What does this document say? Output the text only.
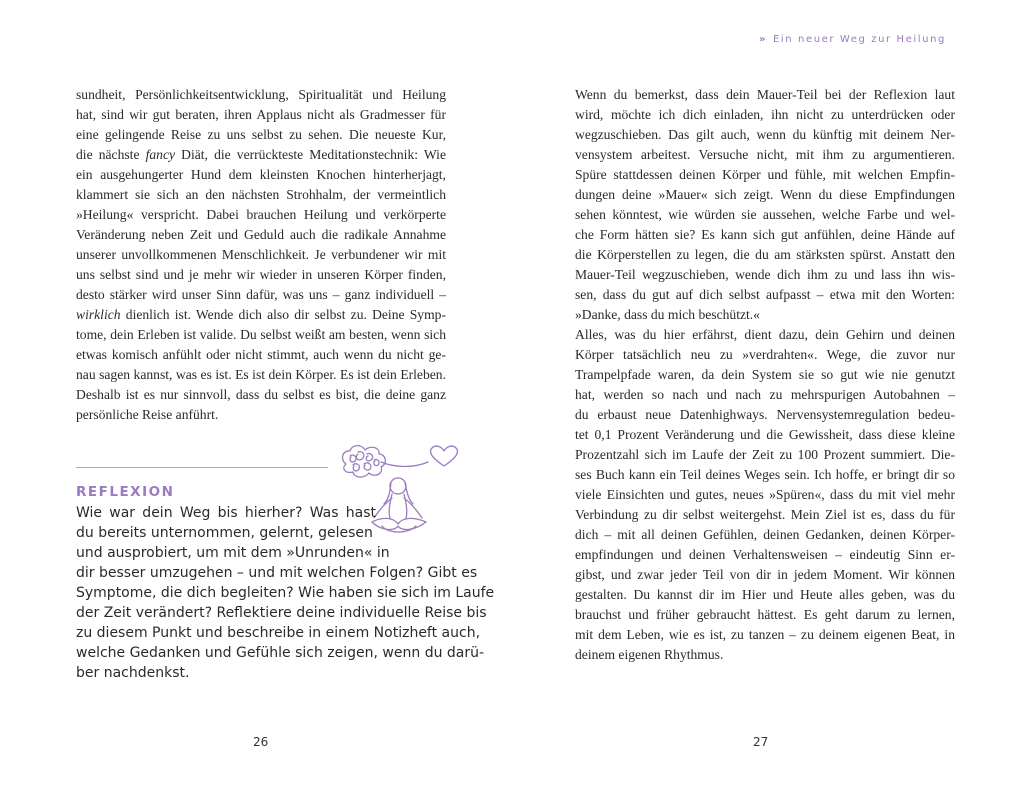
sundheit, Persönlichkeitsentwicklung, Spiritualität und Heilung
hat, sind wir gut beraten, ihren Applaus nicht als Gradmesser für
eine gelingende Reise zu uns selbst zu sehen. Die neueste Kur,
die nächste fancy Diät, die verrückteste Meditationstechnik: Wie
ein ausgehungerter Hund dem kleinsten Knochen hinterherjagt,
klammert sie sich an den nächsten Strohhalm, der vermeintlich
»Heilung« verspricht. Dabei brauchen Heilung und verkörperte
Veränderung neben Zeit und Geduld auch die radikale Annahme
unserer unvollkommenen Menschlichkeit. Je verbundener wir mit
uns selbst sind und je mehr wir wieder in unseren Körper finden,
desto stärker wird unser Sinn dafür, was uns – ganz individuell –
wirklich dienlich ist. Wende dich also dir selbst zu. Deine Symp-
tome, dein Erleben ist valide. Du selbst weißt am besten, wenn sich
etwas komisch anfühlt oder nicht stimmt, auch wenn du nicht ge-
nau sagen kannst, was es ist. Es ist dein Körper. Es ist dein Erleben.
Deshalb ist es nur sinnvoll, dass du selbst es bist, die deine ganz
persönliche Reise anführt.
REFLEXION
Wie war dein Weg bis hierher? Was hast
du bereits unternommen, gelernt, gelesen
und ausprobiert, um mit dem »Unrunden« in
dir besser umzugehen – und mit welchen Folgen? Gibt es
Symptome, die dich begleiten? Wie haben sie sich im Laufe
der Zeit verändert? Reflektiere deine individuelle Reise bis
zu diesem Punkt und beschreibe in einem Notizheft auch,
welche Gedanken und Gefühle sich zeigen, wenn du darü-
ber nachdenkst.
26
» Ein neuer Weg zur Heilung
Wenn du bemerkst, dass dein Mauer-Teil bei der Reflexion laut
wird, möchte ich dich einladen, ihn nicht zu unterdrücken oder
wegzuschieben. Das gilt auch, wenn du künftig mit deinem Ner-
vensystem arbeitest. Versuche nicht, mit ihm zu argumentieren.
Spüre stattdessen deinen Körper und fühle, mit welchen Empfin-
dungen deine »Mauer« sich zeigt. Wenn du diese Empfindungen
sehen könntest, wie würden sie aussehen, welche Farbe und wel-
che Form hätten sie? Es kann sich gut anfühlen, deine Hände auf
die Körperstellen zu legen, die du am stärksten spürst. Anstatt den
Mauer-Teil wegzuschieben, wende dich ihm zu und lass ihn wis-
sen, dass du gut auf dich selbst aufpasst – etwa mit den Worten:
»Danke, dass du mich beschützt.«
Alles, was du hier erfährst, dient dazu, dein Gehirn und deinen
Körper tatsächlich neu zu »verdrahten«. Wege, die zuvor nur
Trampelpfade waren, da dein System sie so gut wie nie genutzt
hat, werden so nach und nach zu mehrspurigen Autobahnen –
du erbaust neue Datenhighways. Nervensystemregulation bedeu-
tet 0,1 Prozent Veränderung und die Gewissheit, dass diese kleine
Prozentzahl sich im Laufe der Zeit zu 100 Prozent summiert. Die-
ses Buch kann ein Teil deines Weges sein. Ich hoffe, er bringt dir so
viele Einsichten und gutes, neues »Spüren«, dass du mit viel mehr
Verbindung zu dir selbst weitergehst. Mein Ziel ist es, dass du für
dich – mit all deinen Gefühlen, deinen Gedanken, deinen Körper-
empfindungen und deinen Verhaltensweisen – eindeutig Sinn er-
gibst, und zwar jeder Teil von dir in jedem Moment. Wir können
gestalten. Du kannst dir im Hier und Heute alles geben, was du
brauchst und früher gebraucht hättest. Es geht darum zu lernen,
mit dem Leben, wie es ist, zu tanzen – zu deinem eigenen Beat, in
deinem eigenen Rhythmus.
27
